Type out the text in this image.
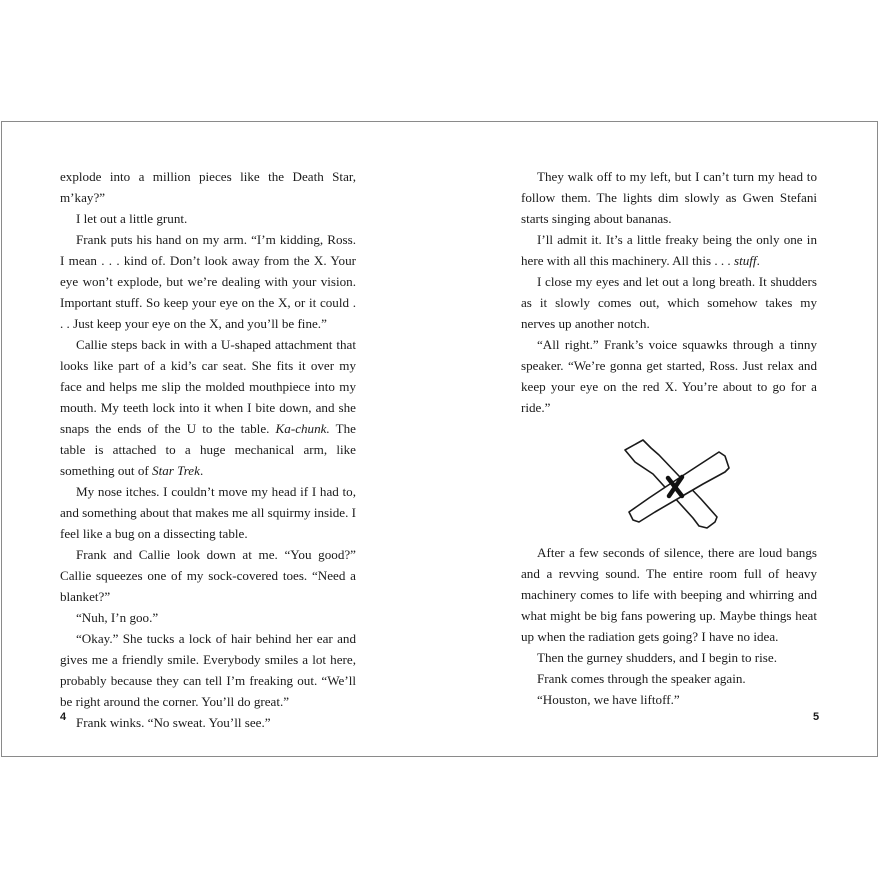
explode into a million pieces like the Death Star, m’kay?”

I let out a little grunt.

Frank puts his hand on my arm. “I’m kidding, Ross. I mean . . . kind of. Don’t look away from the X. Your eye won’t explode, but we’re dealing with your vision. Important stuff. So keep your eye on the X, or it could . . . Just keep your eye on the X, and you’ll be fine.”

Callie steps back in with a U-shaped attachment that looks like part of a kid’s car seat. She fits it over my face and helps me slip the molded mouthpiece into my mouth. My teeth lock into it when I bite down, and she snaps the ends of the U to the table. Ka-chunk. The table is attached to a huge mechanical arm, like something out of Star Trek.

My nose itches. I couldn’t move my head if I had to, and something about that makes me all squirmy inside. I feel like a bug on a dissecting table.

Frank and Callie look down at me. “You good?” Callie squeezes one of my sock-covered toes. “Need a blanket?”

“Nuh, I’n goo.”

“Okay.” She tucks a lock of hair behind her ear and gives me a friendly smile. Everybody smiles a lot here, probably because they can tell I’m freaking out. “We’ll be right around the corner. You’ll do great.”

Frank winks. “No sweat. You’ll see.”

They walk off to my left, but I can’t turn my head to follow them. The lights dim slowly as Gwen Stefani starts singing about bananas.

I’ll admit it. It’s a little freaky being the only one in here with all this machinery. All this . . . stuff.

I close my eyes and let out a long breath. It shudders as it slowly comes out, which somehow takes my nerves up another notch.

“All right.” Frank’s voice squawks through a tinny speaker. “We’re gonna get started, Ross. Just relax and keep your eye on the red X. You’re about to go for a ride.”

After a few seconds of silence, there are loud bangs and a revving sound. The entire room full of heavy machinery comes to life with beeping and whirring and what might be big fans powering up. Maybe things heat up when the radiation gets going? I have no idea.

Then the gurney shudders, and I begin to rise.

Frank comes through the speaker again.

“Houston, we have liftoff.”

4	5
